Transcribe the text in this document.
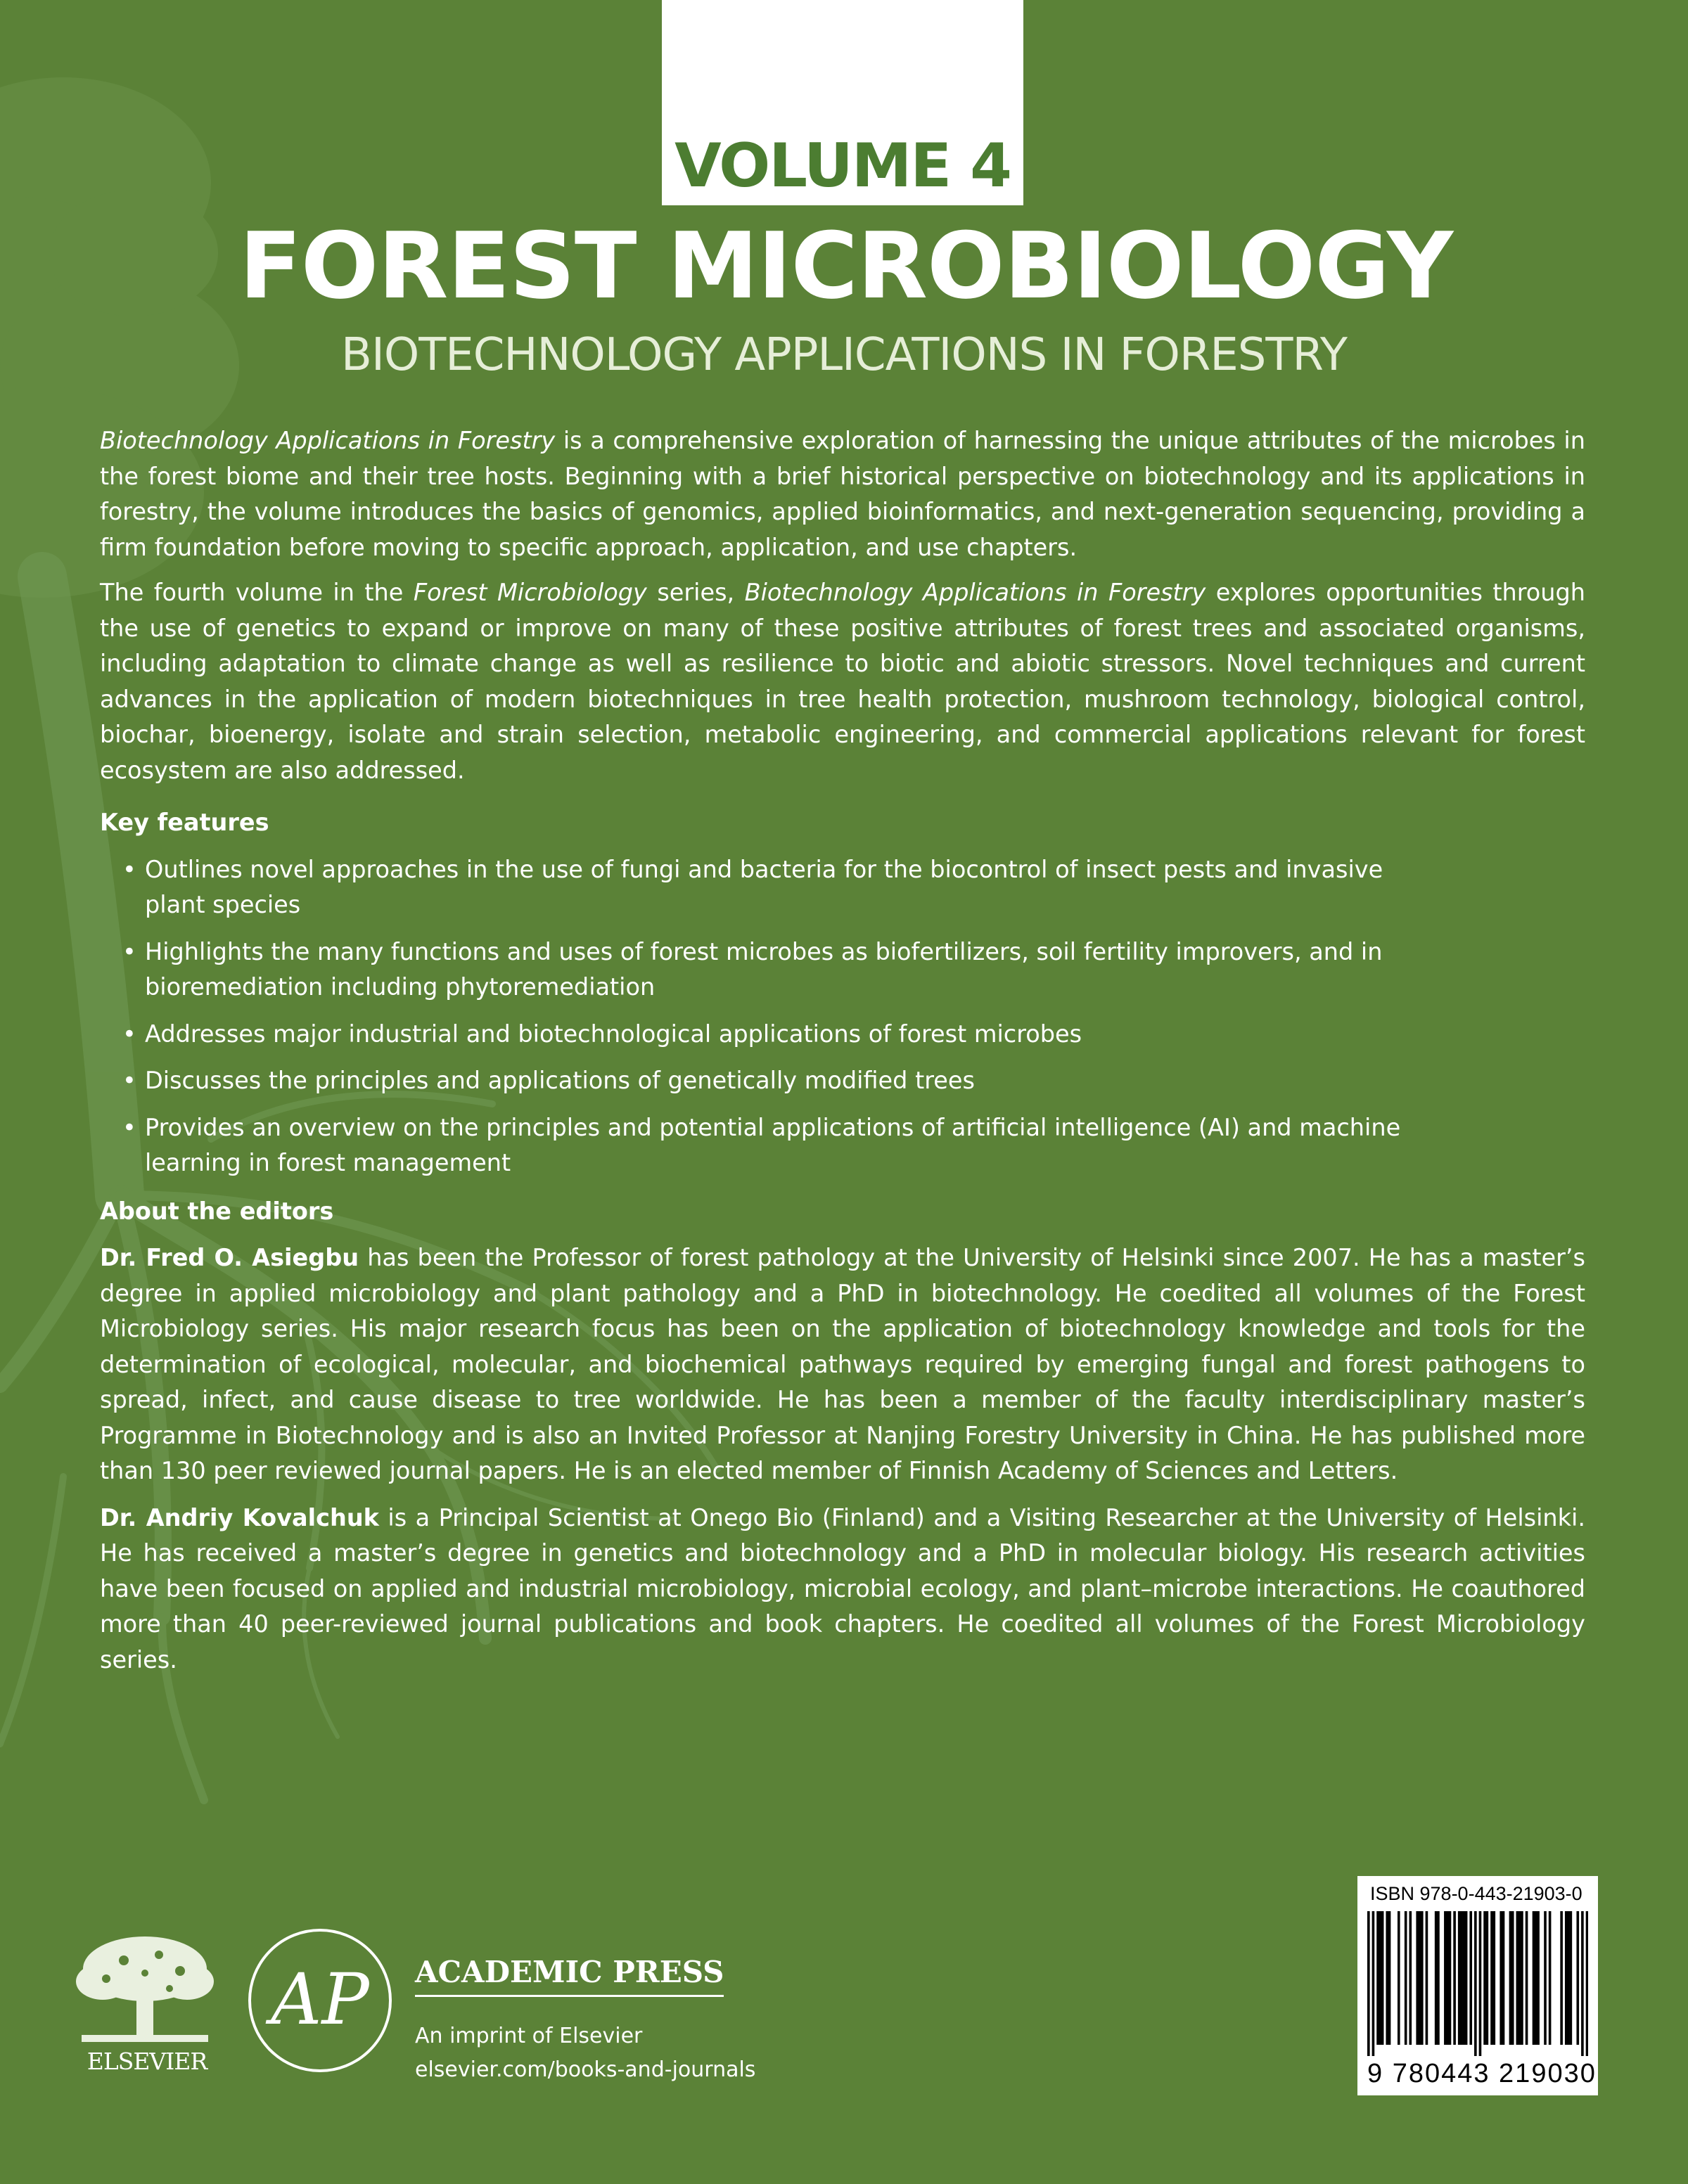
VOLUME 4
FOREST MICROBIOLOGY
BIOTECHNOLOGY APPLICATIONS IN FORESTRY

Biotechnology Applications in Forestry is a comprehensive exploration of harnessing the unique attributes of the microbes in the forest biome and their tree hosts. Beginning with a brief historical perspective on biotechnology and its applications in forestry, the volume introduces the basics of genomics, applied bioinformatics, and next-generation sequencing, providing a firm foundation before moving to specific approach, application, and use chapters.

The fourth volume in the Forest Microbiology series, Biotechnology Applications in Forestry explores opportunities through the use of genetics to expand or improve on many of these positive attributes of forest trees and associated organisms, including adaptation to climate change as well as resilience to biotic and abiotic stressors. Novel techniques and current advances in the application of modern biotechniques in tree health protection, mushroom technology, biological control, biochar, bioenergy, isolate and strain selection, metabolic engineering, and commercial applications relevant for forest ecosystem are also addressed.

Key features

• Outlines novel approaches in the use of fungi and bacteria for the biocontrol of insect pests and invasive plant species
• Highlights the many functions and uses of forest microbes as biofertilizers, soil fertility improvers, and in bioremediation including phytoremediation
• Addresses major industrial and biotechnological applications of forest microbes
• Discusses the principles and applications of genetically modified trees
• Provides an overview on the principles and potential applications of artificial intelligence (AI) and machine learning in forest management

About the editors

Dr. Fred O. Asiegbu has been the Professor of forest pathology at the University of Helsinki since 2007. He has a master’s degree in applied microbiology and plant pathology and a PhD in biotechnology. He coedited all volumes of the Forest Microbiology series. His major research focus has been on the application of biotechnology knowledge and tools for the determination of ecological, molecular, and biochemical pathways required by emerging fungal and forest pathogens to spread, infect, and cause disease to tree worldwide. He has been a member of the faculty interdisciplinary master’s Programme in Biotechnology and is also an Invited Professor at Nanjing Forestry University in China. He has published more than 130 peer reviewed journal papers. He is an elected member of Finnish Academy of Sciences and Letters.

Dr. Andriy Kovalchuk is a Principal Scientist at Onego Bio (Finland) and a Visiting Researcher at the University of Helsinki. He has received a master’s degree in genetics and biotechnology and a PhD in molecular biology. His research activities have been focused on applied and industrial microbiology, microbial ecology, and plant–microbe interactions. He coauthored more than 40 peer-reviewed journal publications and book chapters. He coedited all volumes of the Forest Microbiology series.

ELSEVIER
AP ACADEMIC PRESS
An imprint of Elsevier
elsevier.com/books-and-journals
ISBN 978-0-443-21903-0
9 780443 219030
